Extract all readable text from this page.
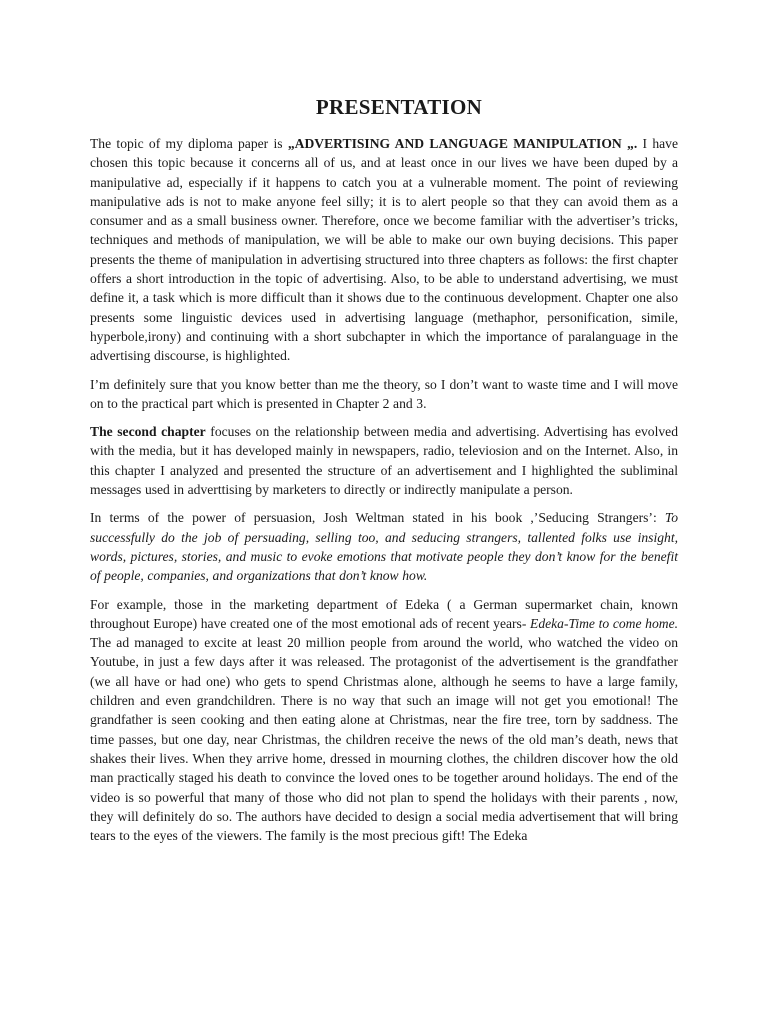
PRESENTATION

The topic of my diploma paper is „ADVERTISING AND LANGUAGE MANIPULATION „. I have chosen this topic because it concerns all of us, and at least once in our lives we have been duped by a manipulative ad, especially if it happens to catch you at a vulnerable moment. The point of reviewing manipulative ads is not to make anyone feel silly; it is to alert people so that they can avoid them as a consumer and as a small business owner. Therefore, once we become familiar with the advertiser’s tricks, techniques and methods of manipulation, we will be able to make our own buying decisions. This paper presents the theme of manipulation in advertising structured into three chapters as follows: the first chapter offers a short introduction in the topic of advertising. Also, to be able to understand advertising, we must define it, a task which is more difficult than it shows due to the continuous development. Chapter one also presents some linguistic devices used in advertising language (methaphor, personification, simile, hyperbole,irony) and continuing with a short subchapter in which the importance of paralanguage in the advertising discourse, is highlighted.

I’m definitely sure that you know better than me the theory, so I don’t want to waste time and I will move on to the practical part which is presented in Chapter 2 and 3.

The second chapter focuses on the relationship between media and advertising. Advertising has evolved with the media, but it has developed mainly in newspapers, radio, televiosion and on the Internet. Also, in this chapter I analyzed and presented the structure of an advertisement and I highlighted the subliminal messages used in adverttising by marketers to directly or indirectly manipulate a person.

In terms of the power of persuasion, Josh Weltman stated in his book ,’Seducing Strangers’: To successfully do the job of persuading, selling too, and seducing strangers, tallented folks use insight, words, pictures, stories, and music to evoke emotions that motivate people they don’t know for the benefit of people, companies, and organizations that don’t know how.

For example, those in the marketing department of Edeka ( a German supermarket chain, known throughout Europe) have created one of the most emotional ads of recent years- Edeka-Time to come home. The ad managed to excite at least 20 million people from around the world, who watched the video on Youtube, in just a few days after it was released. The protagonist of the advertisement is the grandfather (we all have or had one) who gets to spend Christmas alone, although he seems to have a large family, children and even grandchildren. There is no way that such an image will not get you emotional! The grandfather is seen cooking and then eating alone at Christmas, near the fire tree, torn by saddness. The time passes, but one day, near Christmas, the children receive the news of the old man’s death, news that shakes their lives. When they arrive home, dressed in mourning clothes, the children discover how the old man practically staged his death to convince the loved ones to be together around holidays. The end of the video is so powerful that many of those who did not plan to spend the holidays with their parents , now, they will definitely do so. The authors have decided to design a social media advertisement that will bring tears to the eyes of the viewers. The family is the most precious gift! The Edeka
